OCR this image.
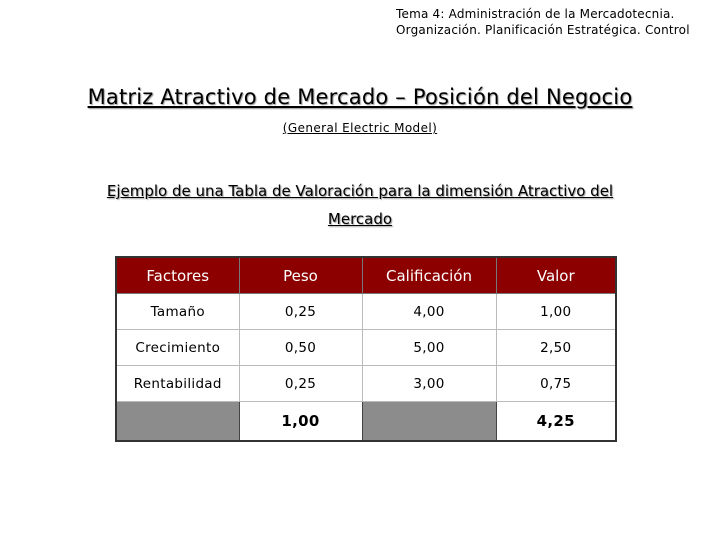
Tema 4: Administración de la Mercadotecnia.
Organización. Planificación Estratégica. Control
Matriz Atractivo de Mercado – Posición del Negocio
(General Electric Model)
Ejemplo de una Tabla de Valoración para la dimensión Atractivo del
Mercado
Factores	Peso	Calificación	Valor
Tamaño	0,25	4,00	1,00
Crecimiento	0,50	5,00	2,50
Rentabilidad	0,25	3,00	0,75
	1,00		4,25
